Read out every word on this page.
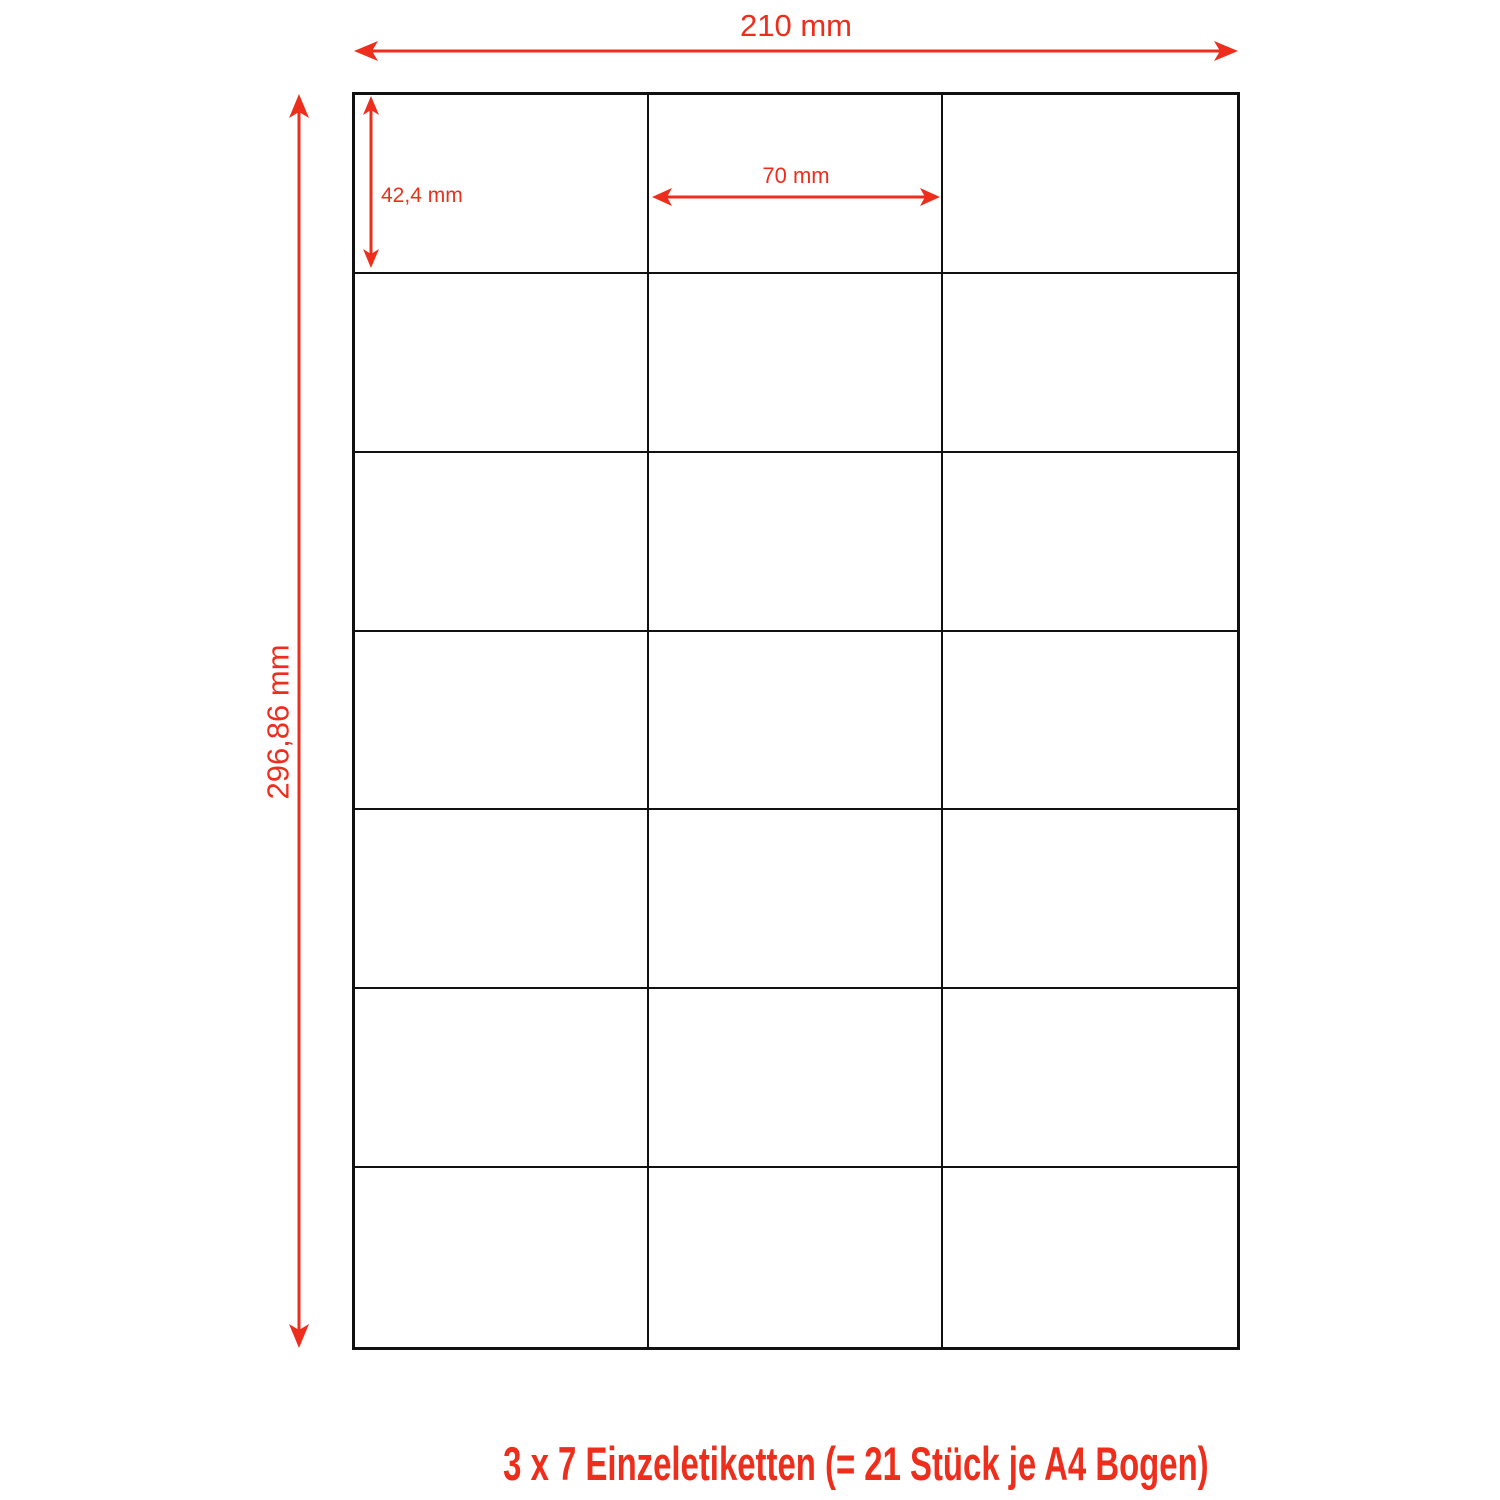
210 mm
296,86 mm
42,4 mm
70 mm
3 x 7 Einzeletiketten (= 21 Stück je A4 Bogen)
